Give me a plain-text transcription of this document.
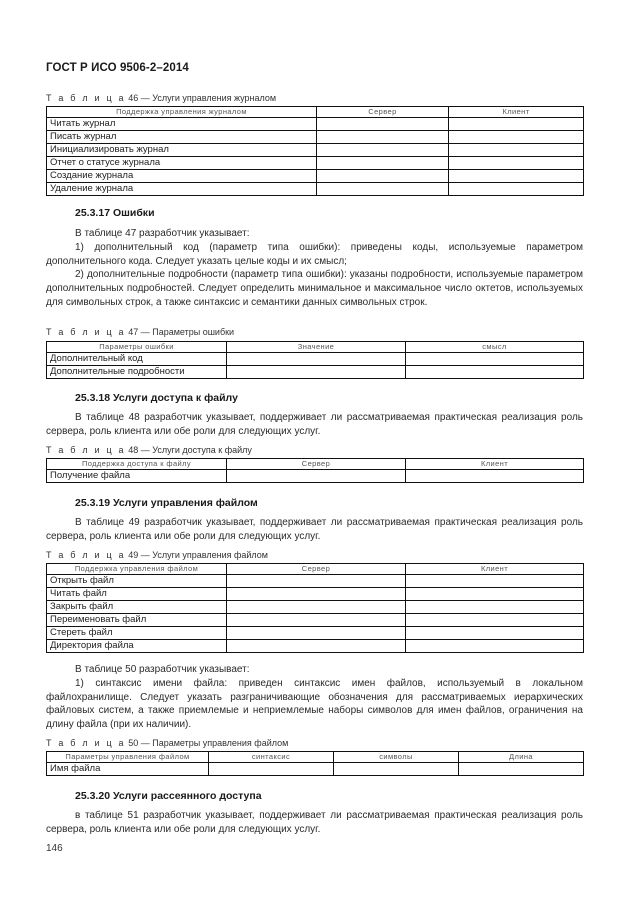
ГОСТ Р ИСО 9506-2–2014
Т а б л и ц а 46 — Услуги управления журналом
Поддержка управления журналом	Сервер	Клиент
Читать журнал		
Писать журнал		
Инициализировать журнал		
Отчет о статусе журнала		
Создание журнала		
Удаление журнала		
25.3.17 Ошибки

В таблице 47 разработчик указывает:

1) дополнительный код (параметр типа ошибки): приведены коды, используемые параметром дополнительного кода. Следует указать целые коды и их смысл;

2) дополнительные подробности (параметр типа ошибки): указаны подробности, используемые параметром дополнительных подробностей. Следует определить минимальное и максимальное число октетов, используемых для символьных строк, а также синтаксис и семантики данных символьных строк.

Т а б л и ц а 47 — Параметры ошибки
Параметры ошибки	Значение	смысл
Дополнительный код		
Дополнительные подробности		
25.3.18 Услуги доступа к файлу

В таблице 48 разработчик указывает, поддерживает ли рассматриваемая практическая реализация роль сервера, роль клиента или обе роли для следующих услуг.

Т а б л и ц а 48 — Услуги доступа к файлу
Поддержка доступа к файлу	Сервер	Клиент
Получение файла		
25.3.19 Услуги управления файлом

В таблице 49 разработчик указывает, поддерживает ли рассматриваемая практическая реализация роль сервера, роль клиента или обе роли для следующих услуг.

Т а б л и ц а 49 — Услуги управления файлом
Поддержка управления файлом	Сервер	Клиент
Открыть файл		
Читать файл		
Закрыть файл		
Переименовать файл		
Стереть файл		
Директория файла		

В таблице 50 разработчик указывает:

1) синтаксис имени файла: приведен синтаксис имен файлов, используемый в локальном файлохранилище. Следует указать разграничивающие обозначения для рассматриваемых иерархических файловых систем, а также приемлемые и неприемлемые наборы символов для имен файлов, ограничения на длину файла (при их наличии).

Т а б л и ц а 50 — Параметры управления файлом
Параметры управления файлом	синтаксис	символы	Длина
Имя файла			
25.3.20 Услуги рассеянного доступа

в таблице 51 разработчик указывает, поддерживает ли рассматриваемая практическая реализация роль сервера, роль клиента или обе роли для следующих услуг.

146
